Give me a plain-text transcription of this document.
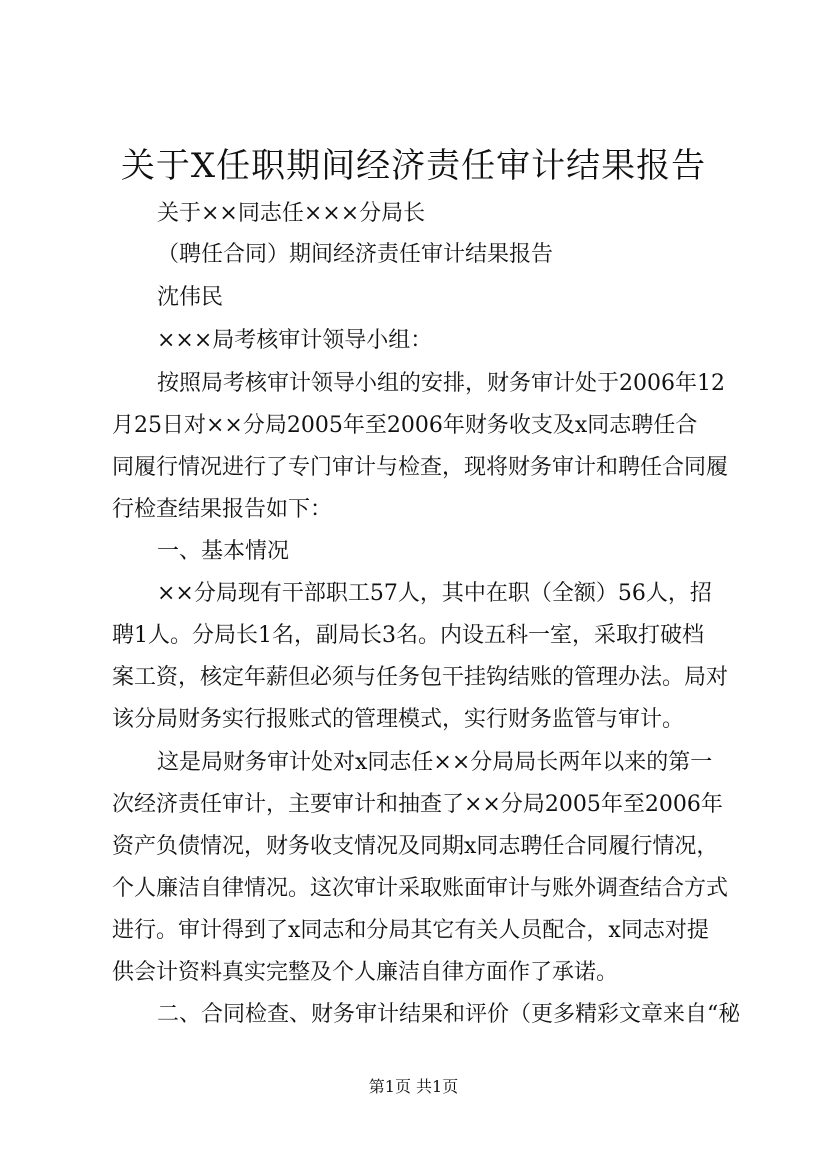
关于X任职期间经济责任审计结果报告
关于××同志任×××分局长
（聘任合同）期间经济责任审计结果报告
沈伟民
×××局考核审计领导小组：
按照局考核审计领导小组的安排，财务审计处于2006年12
月25日对××分局2005年至2006年财务收支及x同志聘任合
同履行情况进行了专门审计与检查，现将财务审计和聘任合同履
行检查结果报告如下：
一、基本情况
××分局现有干部职工57人，其中在职（全额）56人，招
聘1人。分局长1名，副局长3名。内设五科一室，采取打破档
案工资，核定年薪但必须与任务包干挂钩结账的管理办法。局对
该分局财务实行报账式的管理模式，实行财务监管与审计。
这是局财务审计处对x同志任××分局局长两年以来的第一
次经济责任审计，主要审计和抽查了××分局2005年至2006年
资产负债情况，财务收支情况及同期x同志聘任合同履行情况，
个人廉洁自律情况。这次审计采取账面审计与账外调查结合方式
进行。审计得到了x同志和分局其它有关人员配合，x同志对提
供会计资料真实完整及个人廉洁自律方面作了承诺。
二、合同检查、财务审计结果和评价（更多精彩文章来自“秘
第1页 共1页
